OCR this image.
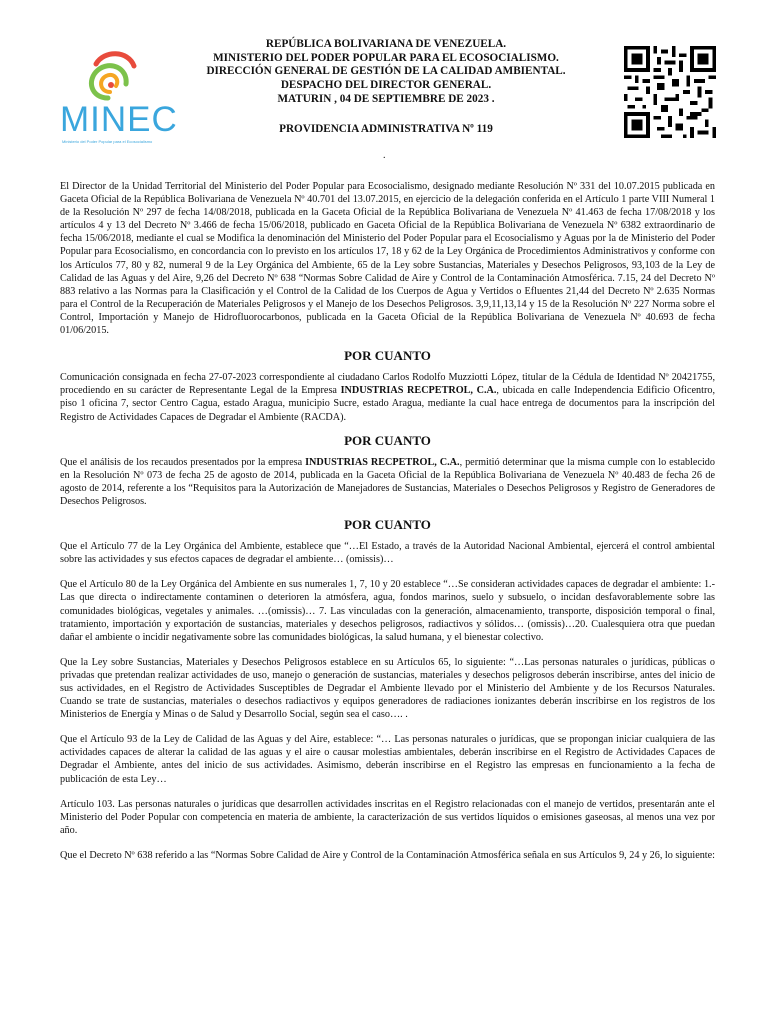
MINEC
Ministerio del Poder Popular para el Ecosocialismo
REPÚBLICA BOLIVARIANA DE VENEZUELA.
MINISTERIO DEL PODER POPULAR PARA EL ECOSOCIALISMO.
DIRECCIÓN GENERAL DE GESTIÓN DE LA CALIDAD AMBIENTAL.
DESPACHO DEL DIRECTOR GENERAL.
MATURIN , 04 DE SEPTIEMBRE DE 2023 .
PROVIDENCIA ADMINISTRATIVA Nº 119
.

El Director de la Unidad Territorial del Ministerio del Poder Popular para Ecosocialismo, designado mediante Resolución Nº 331 del 10.07.2015 publicada en Gaceta Oficial de la República Bolivariana de Venezuela Nº 40.701 del 13.07.2015, en ejercicio de la delegación conferida en el Artículo 1 parte VIII Numeral 1 de la Resolución Nº 297 de fecha 14/08/2018, publicada en la Gaceta Oficial de la República Bolivariana de Venezuela Nº 41.463 de fecha 17/08/2018 y los artículos 4 y 13 del Decreto Nº 3.466 de fecha 15/06/2018, publicado en Gaceta Oficial de la República Bolivariana de Venezuela Nº 6382 extraordinario de fecha 15/06/2018, mediante el cual se Modifica la denominación del Ministerio del Poder Popular para el Ecosocialismo y Aguas por la de Ministerio del Poder Popular para Ecosocialismo, en concordancia con lo previsto en los artículos 17, 18 y 62 de la Ley Orgánica de Procedimientos Administrativos y conforme con los Artículos 77, 80 y 82, numeral 9 de la Ley Orgánica del Ambiente, 65 de la Ley sobre Sustancias, Materiales y Desechos Peligrosos, 93,103 de la Ley de Calidad de las Aguas y del Aire, 9,26 del Decreto Nº 638 “Normas Sobre Calidad de Aire y Control de la Contaminación Atmosférica. 7.15, 24 del Decreto Nº 883 relativo a las Normas para la Clasificación y el Control de la Calidad de los Cuerpos de Agua y Vertidos o Efluentes 21,44 del Decreto Nº 2.635 Normas para el Control de la Recuperación de Materiales Peligrosos y el Manejo de los Desechos Peligrosos. 3,9,11,13,14 y 15 de la Resolución Nº 227 Norma sobre el Control, Importación y Manejo de Hidrofluorocarbonos, publicada en la Gaceta Oficial de la República Bolivariana de Venezuela Nº 40.693 de fecha 01/06/2015.

POR CUANTO

Comunicación consignada en fecha 27-07-2023 correspondiente al ciudadano Carlos Rodolfo Muzziotti López, titular de la Cédula de Identidad Nº 20421755, procediendo en su carácter de Representante Legal de la Empresa INDUSTRIAS RECPETROL, C.A., ubicada en calle Independencia Edificio Oficentro, piso 1 oficina 7, sector Centro Cagua, estado Aragua, municipio Sucre, estado Aragua, mediante la cual hace entrega de documentos para la inscripción del Registro de Actividades Capaces de Degradar el Ambiente (RACDA).

POR CUANTO

Que el análisis de los recaudos presentados por la empresa INDUSTRIAS RECPETROL, C.A., permitió determinar que la misma cumple con lo establecido en la Resolución Nº 073 de fecha 25 de agosto de 2014, publicada en la Gaceta Oficial de la República Bolivariana de Venezuela Nº 40.483 de fecha 26 de agosto de 2014, referente a los “Requisitos para la Autorización de Manejadores de Sustancias, Materiales o Desechos Peligrosos y Registro de Generadores de Desechos Peligrosos.

POR CUANTO

Que el Artículo 77 de la Ley Orgánica del Ambiente, establece que “…El Estado, a través de la Autoridad Nacional Ambiental, ejercerá el control ambiental sobre las actividades y sus efectos capaces de degradar el ambiente… (omissis)…

Que el Artículo 80 de la Ley Orgánica del Ambiente en sus numerales 1, 7, 10 y 20 establece “…Se consideran actividades capaces de degradar el ambiente: 1.-Las que directa o indirectamente contaminen o deterioren la atmósfera, agua, fondos marinos, suelo y subsuelo, o incidan desfavorablemente sobre las comunidades biológicas, vegetales y animales. …(omissis)… 7. Las vinculadas con la generación, almacenamiento, transporte, disposición temporal o final, tratamiento, importación y exportación de sustancias, materiales y desechos peligrosos, radiactivos y sólidos… (omissis)…20. Cualesquiera otra que puedan dañar el ambiente o incidir negativamente sobre las comunidades biológicas, la salud humana, y el bienestar colectivo.

Que la Ley sobre Sustancias, Materiales y Desechos Peligrosos establece en su Artículos 65, lo siguiente: “…Las personas naturales o jurídicas, públicas o privadas que pretendan realizar actividades de uso, manejo o generación de sustancias, materiales y desechos peligrosos deberán inscribirse, antes del inicio de sus actividades, en el Registro de Actividades Susceptibles de Degradar el Ambiente llevado por el Ministerio del Ambiente y de los Recursos Naturales. Cuando se trate de sustancias, materiales o desechos radiactivos y equipos generadores de radiaciones ionizantes deberán inscribirse en los registros de los Ministerios de Energía y Minas o de Salud y Desarrollo Social, según sea el caso…. .

Que el Artículo 93 de la Ley de Calidad de las Aguas y del Aire, establece: “… Las personas naturales o jurídicas, que se propongan iniciar cualquiera de las actividades capaces de alterar la calidad de las aguas y el aire o causar molestias ambientales, deberán inscribirse en el Registro de Actividades Capaces de Degradar el Ambiente, antes del inicio de sus actividades. Asimismo, deberán inscribirse en el Registro las empresas en funcionamiento a la fecha de publicación de esta Ley…

Artículo 103. Las personas naturales o jurídicas que desarrollen actividades inscritas en el Registro relacionadas con el manejo de vertidos, presentarán ante el Ministerio del Poder Popular con competencia en materia de ambiente, la caracterización de sus vertidos líquidos o emisiones gaseosas, al menos una vez por año.

Que el Decreto Nº 638 referido a las “Normas Sobre Calidad de Aire y Control de la Contaminación Atmosférica señala en sus Artículos 9, 24 y 26, lo siguiente:
